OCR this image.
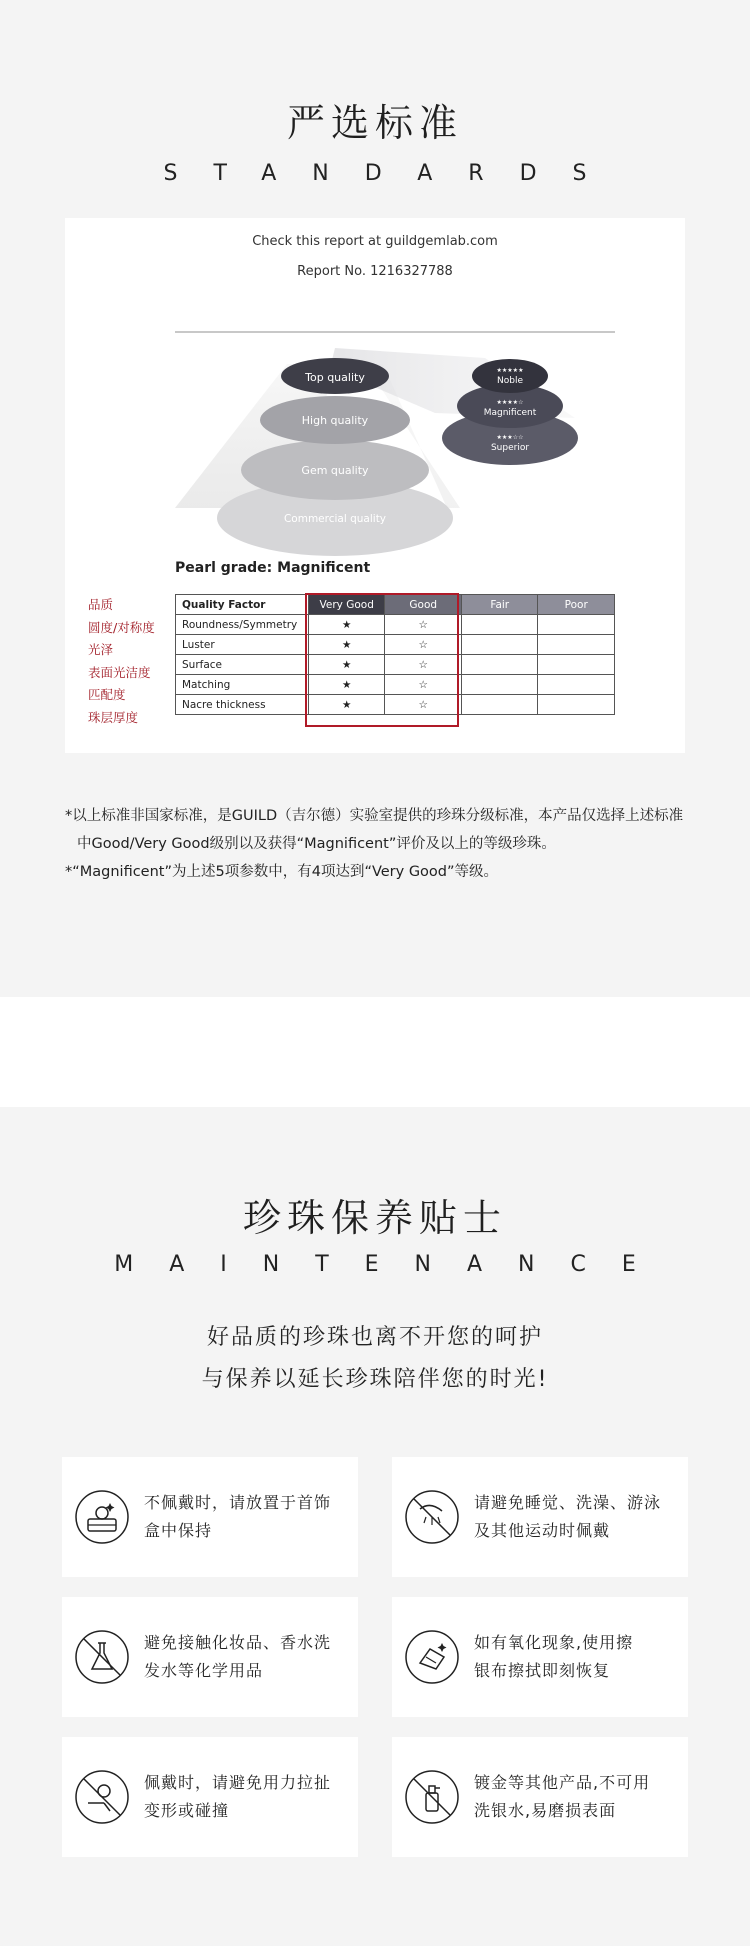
严选标准
STANDARDS
Check this report at guildgemlab.com
Report No. 1216327788
Top quality
High quality
Gem quality
Commercial quality
★★★★★
Noble
★★★★☆
Magnificent
★★★☆☆
Superior
Pearl grade: Magnificent
品质
圆度/对称度
光泽
表面光洁度
匹配度
珠层厚度
Quality Factor	Very Good	Good	Fair	Poor
Roundness/Symmetry	★	☆		
Luster	★	☆		
Surface	★	☆		
Matching	★	☆		
Nacre thickness	★	☆		

*以上标准非国家标准，是GUILD（吉尔德）实验室提供的珍珠分级标准，本产品仅选择上述标准中Good/Very Good级别以及获得“Magnificent”评价及以上的等级珍珠。

*“Magnificent”为上述5项参数中，有4项达到“Very Good”等级。

珍珠保养贴士
MAINTENANCE
好品质的珍珠也离不开您的呵护
与保养以延长珍珠陪伴您的时光!
不佩戴时，请放置于首饰
盒中保持
请避免睡觉、洗澡、游泳
及其他运动时佩戴
避免接触化妆品、香水洗
发水等化学用品
如有氧化现象,使用擦
银布擦拭即刻恢复
佩戴时，请避免用力拉扯
变形或碰撞
镀金等其他产品,不可用
洗银水,易磨损表面
